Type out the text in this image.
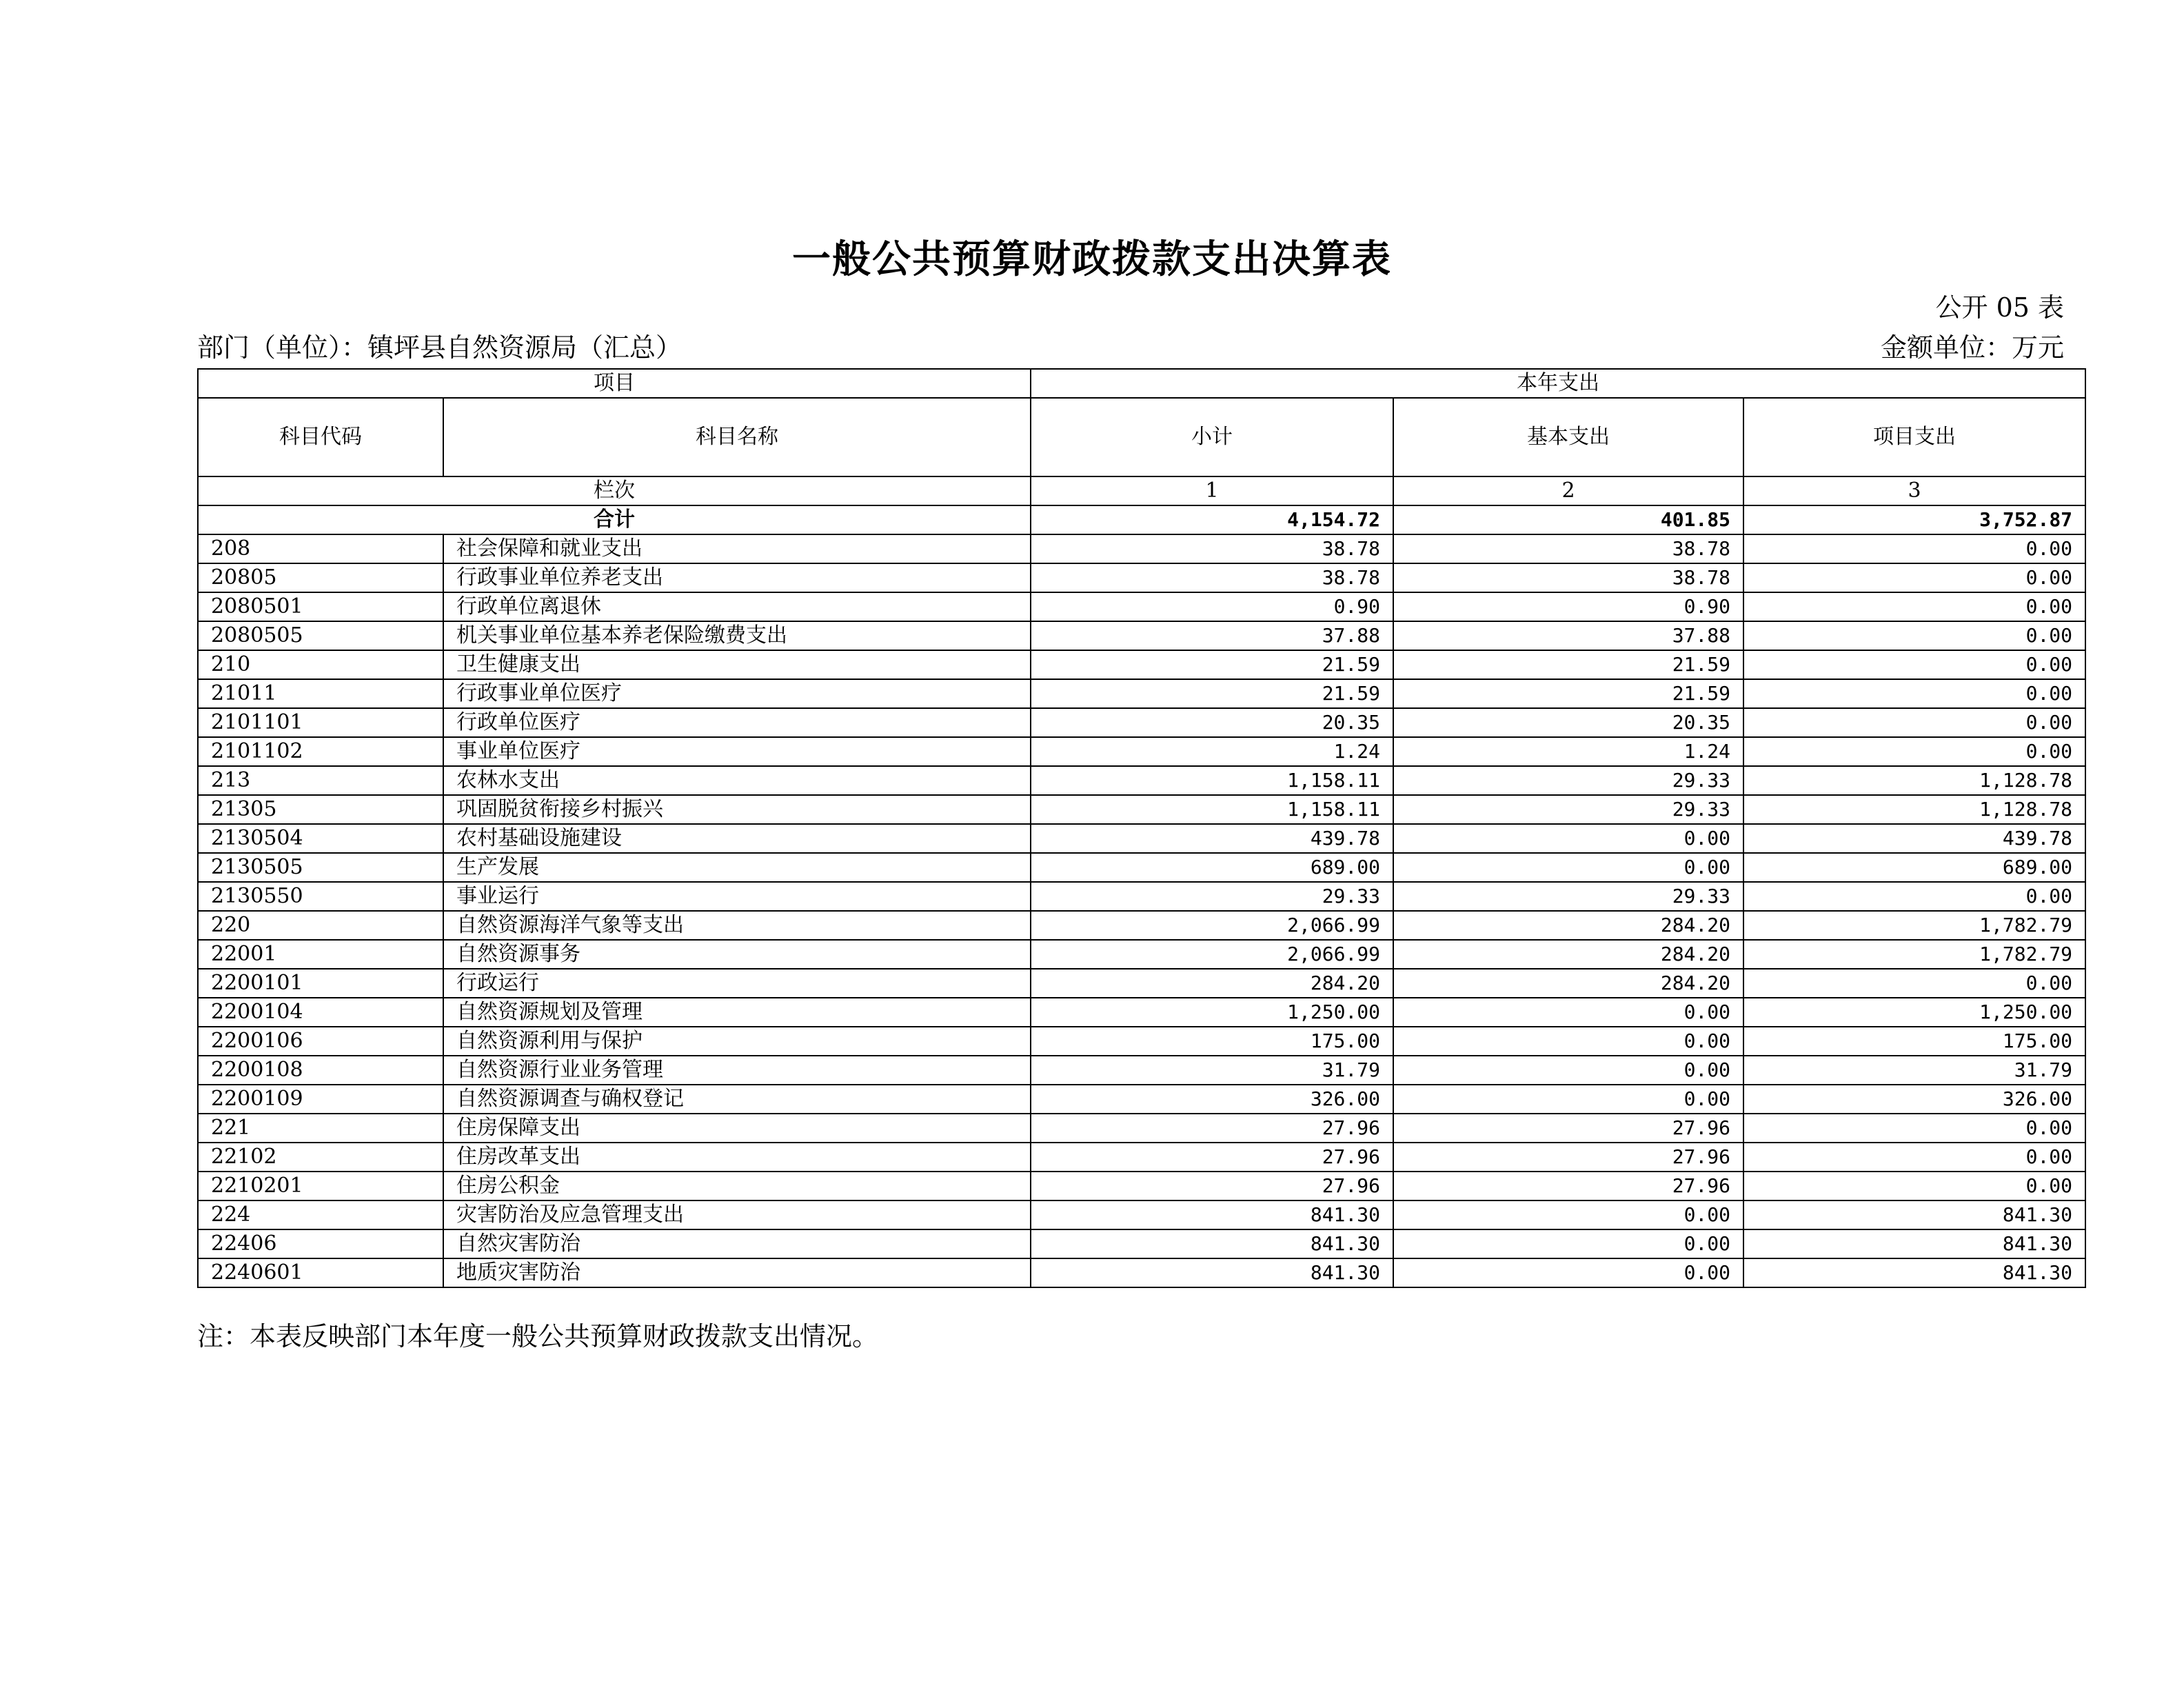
一般公共预算财政拨款支出决算表
公开 05 表
部门（单位）：镇坪县自然资源局（汇总）	金额单位：万元
项目		本年支出		
科目代码	科目名称	小计	基本支出	项目支出
栏次		1	2	3
合计		4,154.72	401.85	3,752.87
208	社会保障和就业支出	38.78	38.78	0.00
20805	行政事业单位养老支出	38.78	38.78	0.00
2080501	行政单位离退休	0.90	0.90	0.00
2080505	机关事业单位基本养老保险缴费支出	37.88	37.88	0.00
210	卫生健康支出	21.59	21.59	0.00
21011	行政事业单位医疗	21.59	21.59	0.00
2101101	行政单位医疗	20.35	20.35	0.00
2101102	事业单位医疗	1.24	1.24	0.00
213	农林水支出	1,158.11	29.33	1,128.78
21305	巩固脱贫衔接乡村振兴	1,158.11	29.33	1,128.78
2130504	农村基础设施建设	439.78	0.00	439.78
2130505	生产发展	689.00	0.00	689.00
2130550	事业运行	29.33	29.33	0.00
220	自然资源海洋气象等支出	2,066.99	284.20	1,782.79
22001	自然资源事务	2,066.99	284.20	1,782.79
2200101	行政运行	284.20	284.20	0.00
2200104	自然资源规划及管理	1,250.00	0.00	1,250.00
2200106	自然资源利用与保护	175.00	0.00	175.00
2200108	自然资源行业业务管理	31.79	0.00	31.79
2200109	自然资源调查与确权登记	326.00	0.00	326.00
221	住房保障支出	27.96	27.96	0.00
22102	住房改革支出	27.96	27.96	0.00
2210201	住房公积金	27.96	27.96	0.00
224	灾害防治及应急管理支出	841.30	0.00	841.30
22406	自然灾害防治	841.30	0.00	841.30
2240601	地质灾害防治	841.30	0.00	841.30
注：本表反映部门本年度一般公共预算财政拨款支出情况。
